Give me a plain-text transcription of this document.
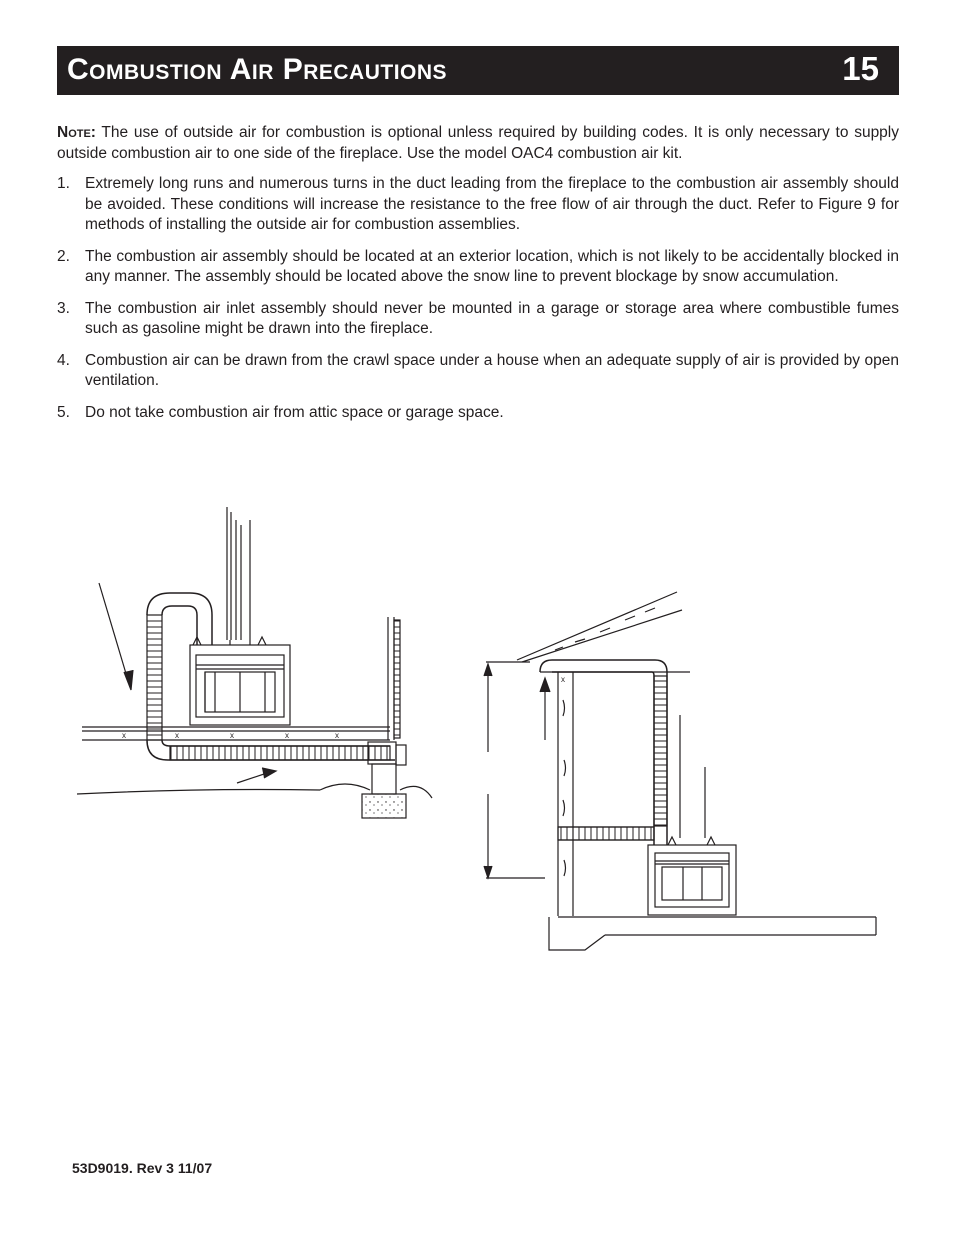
Combustion Air Precautions	15
Note: The use of outside air for combustion is optional unless required by building codes. It is only necessary to supply outside combustion air to one side of the fireplace. Use the model OAC4 combustion air kit.
1. Extremely long runs and numerous turns in the duct leading from the fireplace to the combustion air assembly should be avoided. These conditions will increase the resistance to the free flow of air through the duct. Refer to Figure 9 for methods of installing the outside air for combustion assemblies.
2. The combustion air assembly should be located at an exterior location, which is not likely to be accidentally blocked in any manner. The assembly should be located above the snow line to prevent blockage by snow accumulation.
3. The combustion air inlet assembly should never be mounted in a garage or storage area where combustible fumes such as gasoline might be drawn into the fireplace.
4. Combustion air can be drawn from the crawl space under a house when an adequate supply of air is provided by open ventilation.
5. Do not take combustion air from attic space or garage space.
x	x	x	x	x
x
53D9019. Rev 3 11/07
